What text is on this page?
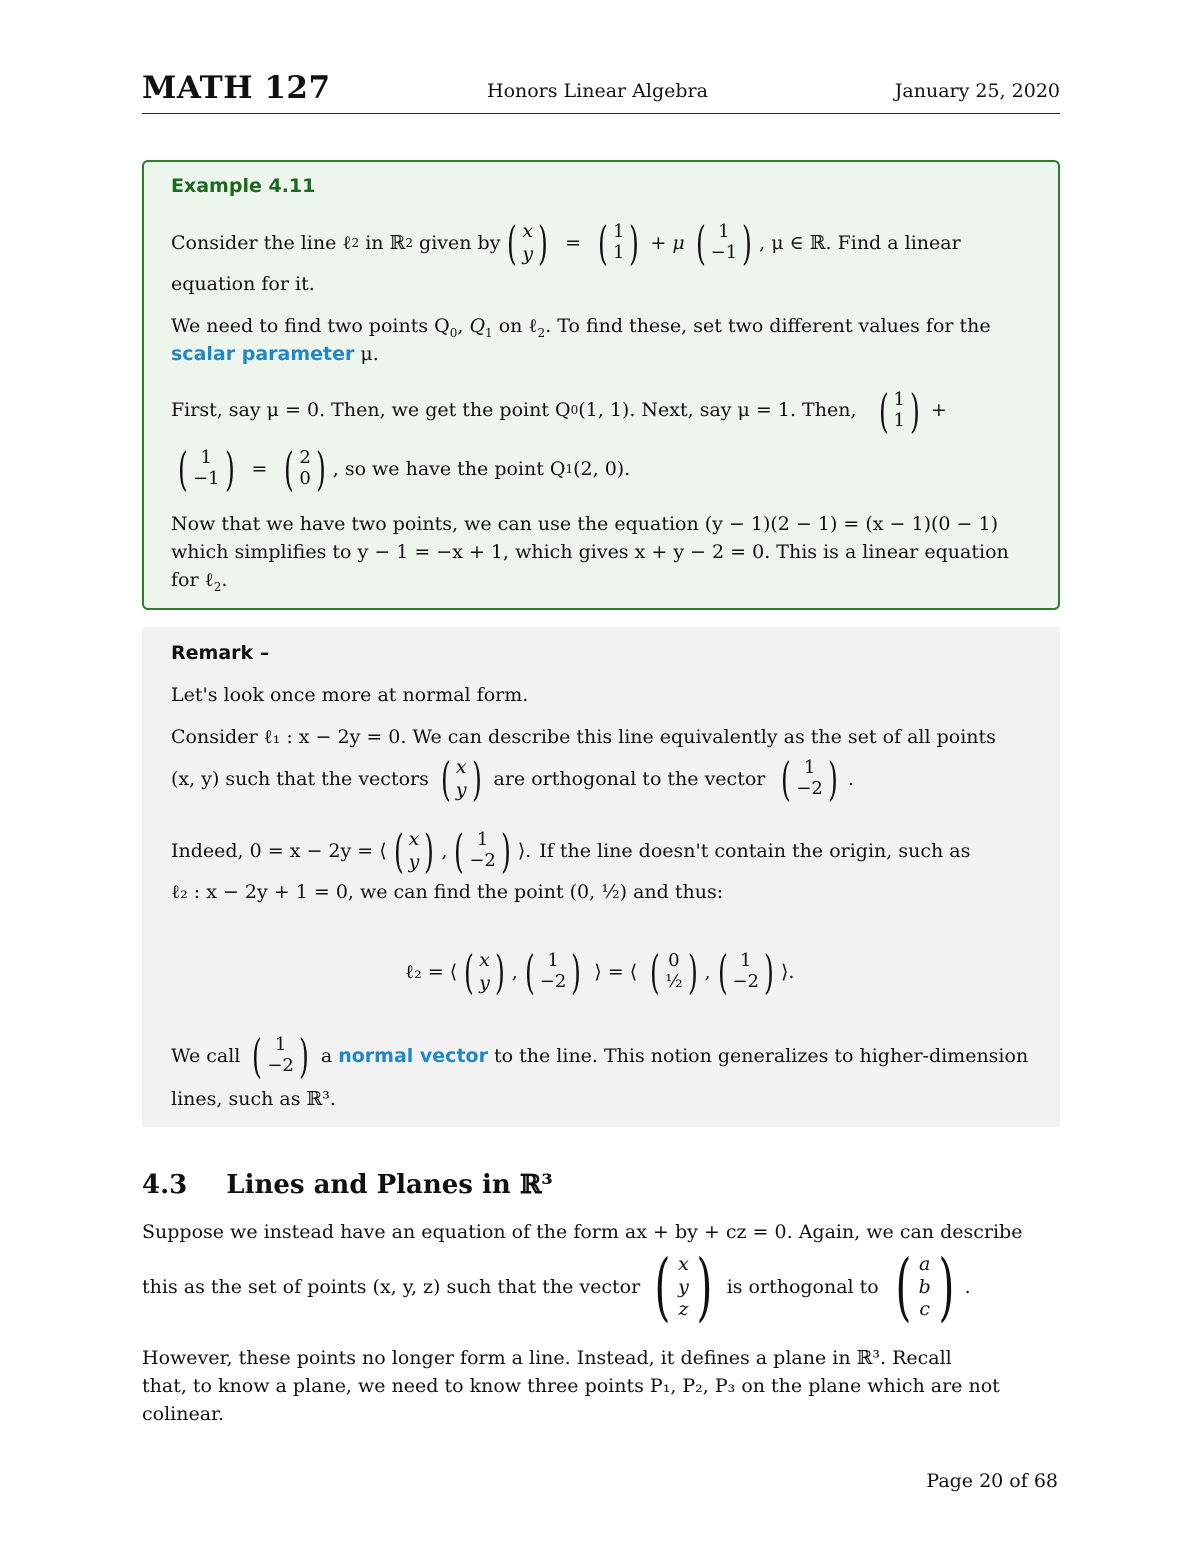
MATH 127	Honors Linear Algebra	January 25, 2020
Example 4.11
Consider the line ℓ 2
in ℝ 2
given by ( x
y ) = ( 1
1 ) + μ ( 1
−1 ) , μ ∈ ℝ. Find a linear
equation for it.
We need to find two points $Q_0$, $Q_1$ on ℓ$_2$. To find these, set two different values for the
scalar parameter μ.
First, say μ = 0. Then, we get the point Q 0 (1, 1). Next, say μ = 1. Then, ( 1
1 ) +
( 1
−1 ) = ( 2
0 ) , so we have the point Q 1 (2, 0).
Now that we have two points, we can use the equation (y − 1)(2 − 1) = (x − 1)(0 − 1)
which simplifies to y − 1 = −x + 1, which gives x + y − 2 = 0. This is a linear equation
for ℓ$_2$.
Remark –
Let's look once more at normal form.
Consider ℓ₁ : x − 2y = 0. We can describe this line equivalently as the set of all points
(x, y) such that the vectors ( x
y ) are orthogonal to the vector ( 1
−2 ) .
Indeed, 0 = x − 2y = ⟨ ( x
y ) , ( 1
−2 ) ⟩. If the line doesn't contain the origin, such as
ℓ₂ : x − 2y + 1 = 0, we can find the point (0, ½) and thus:
ℓ₂ = ⟨ ( x
y ) , ( 1
−2 ) ⟩ = ⟨ ( 0
½ ) , ( 1
−2 ) ⟩.
We call ( 1
−2 ) a
normal vector
to the line. This notion generalizes to higher-dimension
lines, such as ℝ³.
4.3 Lines and Planes in ℝ³
Suppose we instead have an equation of the form ax + by + cz = 0. Again, we can describe
this as the set of points (x, y, z) such that the vector ( x
y
z ) is orthogonal to ( a
b
c ) .
However, these points no longer form a line. Instead, it defines a plane in ℝ³. Recall
that, to know a plane, we need to know three points P₁, P₂, P₃ on the plane which are not
colinear.
Page 20 of 68
